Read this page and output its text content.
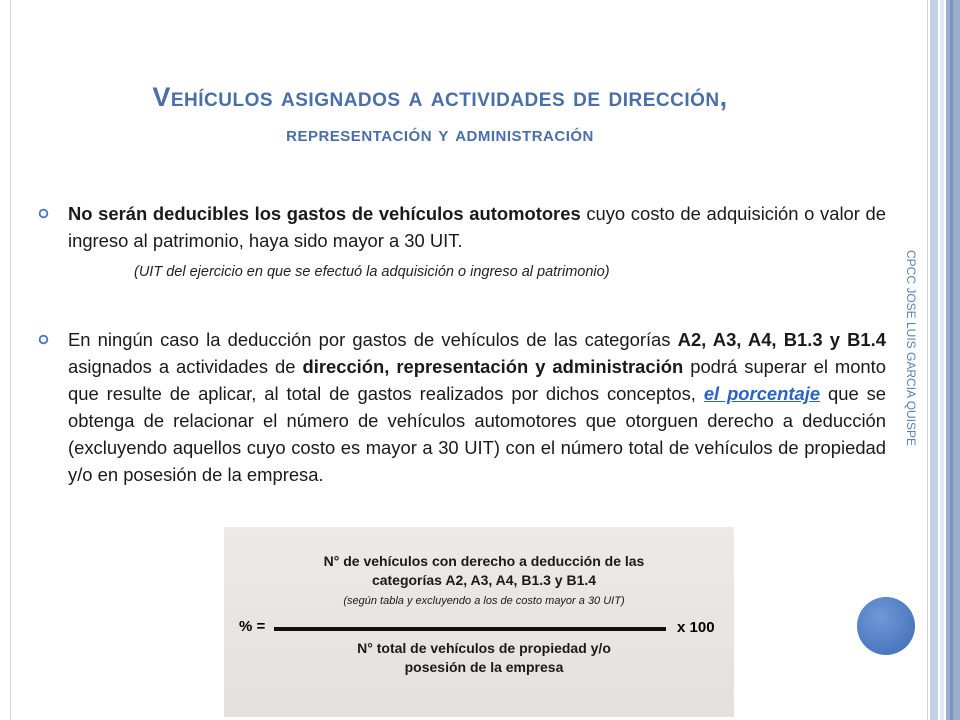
Vehículos asignados a actividades de dirección,
representación y administración
No serán deducibles los gastos de vehículos automotores cuyo costo de adquisición o valor de ingreso al patrimonio, haya sido mayor a 30 UIT.
(UIT del ejercicio en que se efectuó la adquisición o ingreso al patrimonio)
En ningún caso la deducción por gastos de vehículos de las categorías A2, A3, A4, B1.3 y B1.4 asignados a actividades de dirección, representación y administración podrá superar el monto que resulte de aplicar, al total de gastos realizados por dichos conceptos, el porcentaje que se obtenga de relacionar el número de vehículos automotores que otorguen derecho a deducción (excluyendo aquellos cuyo costo es mayor a 30 UIT) con el número total de vehículos de propiedad y/o en posesión de la empresa.
CPCC JOSE LUIS GARCIA QUISPE
N° de vehículos con derecho a deducción de las
categorías A2, A3, A4, B1.3 y B1.4
(según tabla y excluyendo a los de costo mayor a 30 UIT)
% =	x 100
N° total de vehículos de propiedad y/o
posesión de la empresa
